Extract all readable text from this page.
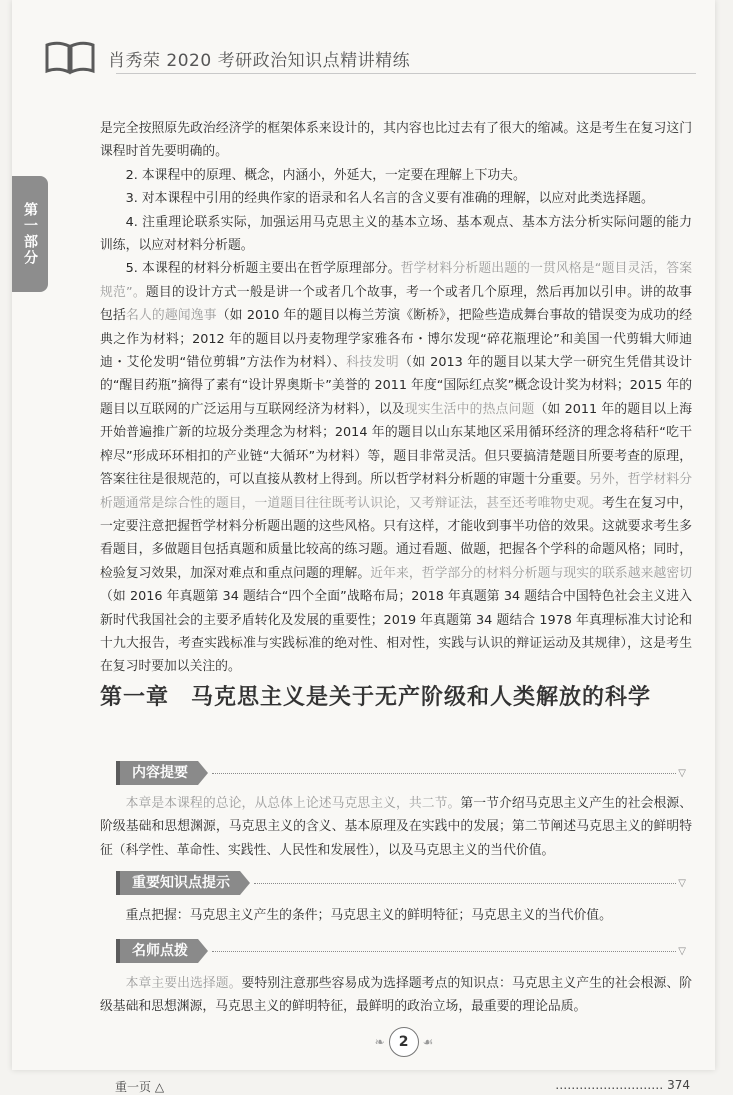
肖秀荣 2020 考研政治知识点精讲精练
第一部分

是完全按照原先政治经济学的框架体系来设计的，其内容也比过去有了很大的缩减。这是考生在复习这门课程时首先要明确的。

2. 本课程中的原理、概念，内涵小，外延大，一定要在理解上下功夫。

3. 对本课程中引用的经典作家的语录和名人名言的含义要有准确的理解，以应对此类选择题。

4. 注重理论联系实际，加强运用马克思主义的基本立场、基本观点、基本方法分析实际问题的能力训练，以应对材料分析题。

5. 本课程的材料分析题主要出在哲学原理部分。哲学材料分析题出题的一贯风格是“题目灵活，答案规范”。题目的设计方式一般是讲一个或者几个故事，考一个或者几个原理，然后再加以引申。讲的故事包括名人的趣闻逸事（如 2010 年的题目以梅兰芳演《断桥》，把险些造成舞台事故的错误变为成功的经典之作为材料；2012 年的题目以丹麦物理学家雅各布・博尔发现“碎花瓶理论”和美国一代剪辑大师迪迪・艾伦发明“错位剪辑”方法作为材料）、科技发明（如 2013 年的题目以某大学一研究生凭借其设计的“醒目药瓶”摘得了素有“设计界奥斯卡”美誉的 2011 年度“国际红点奖”概念设计奖为材料；2015 年的题目以互联网的广泛运用与互联网经济为材料），以及现实生活中的热点问题（如 2011 年的题目以上海开始普遍推广新的垃圾分类理念为材料；2014 年的题目以山东某地区采用循环经济的理念将秸秆“吃干榨尽”形成环环相扣的产业链“大循环”为材料）等，题目非常灵活。但只要搞清楚题目所要考查的原理，答案往往是很规范的，可以直接从教材上得到。所以哲学材料分析题的审题十分重要。另外，哲学材料分析题通常是综合性的题目，一道题目往往既考认识论，又考辩证法，甚至还考唯物史观。考生在复习中，一定要注意把握哲学材料分析题出题的这些风格。只有这样，才能收到事半功倍的效果。这就要求考生多看题目，多做题目包括真题和质量比较高的练习题。通过看题、做题，把握各个学科的命题风格；同时，检验复习效果，加深对难点和重点问题的理解。近年来，哲学部分的材料分析题与现实的联系越来越密切（如 2016 年真题第 34 题结合“四个全面”战略布局；2018 年真题第 34 题结合中国特色社会主义进入新时代我国社会的主要矛盾转化及发展的重要性；2019 年真题第 34 题结合 1978 年真理标准大讨论和十九大报告，考查实践标准与实践标准的绝对性、相对性，实践与认识的辩证运动及其规律），这是考生在复习时要加以关注的。

第一章 马克思主义是关于无产阶级和人类解放的科学
内容提要	▽

本章是本课程的总论，从总体上论述马克思主义，共二节。第一节介绍马克思主义产生的社会根源、阶级基础和思想渊源，马克思主义的含义、基本原理及在实践中的发展；第二节阐述马克思主义的鲜明特征（科学性、革命性、实践性、人民性和发展性），以及马克思主义的当代价值。

重要知识点提示	▽

重点把握：马克思主义产生的条件；马克思主义的鲜明特征；马克思主义的当代价值。

名师点拨	▽

本章主要出选择题。要特别注意那些容易成为选择题考点的知识点：马克思主义产生的社会根源、阶级基础和思想渊源，马克思主义的鲜明特征，最鲜明的政治立场，最重要的理论品质。

❧	2	☙
重一页 △	……………………… 374
